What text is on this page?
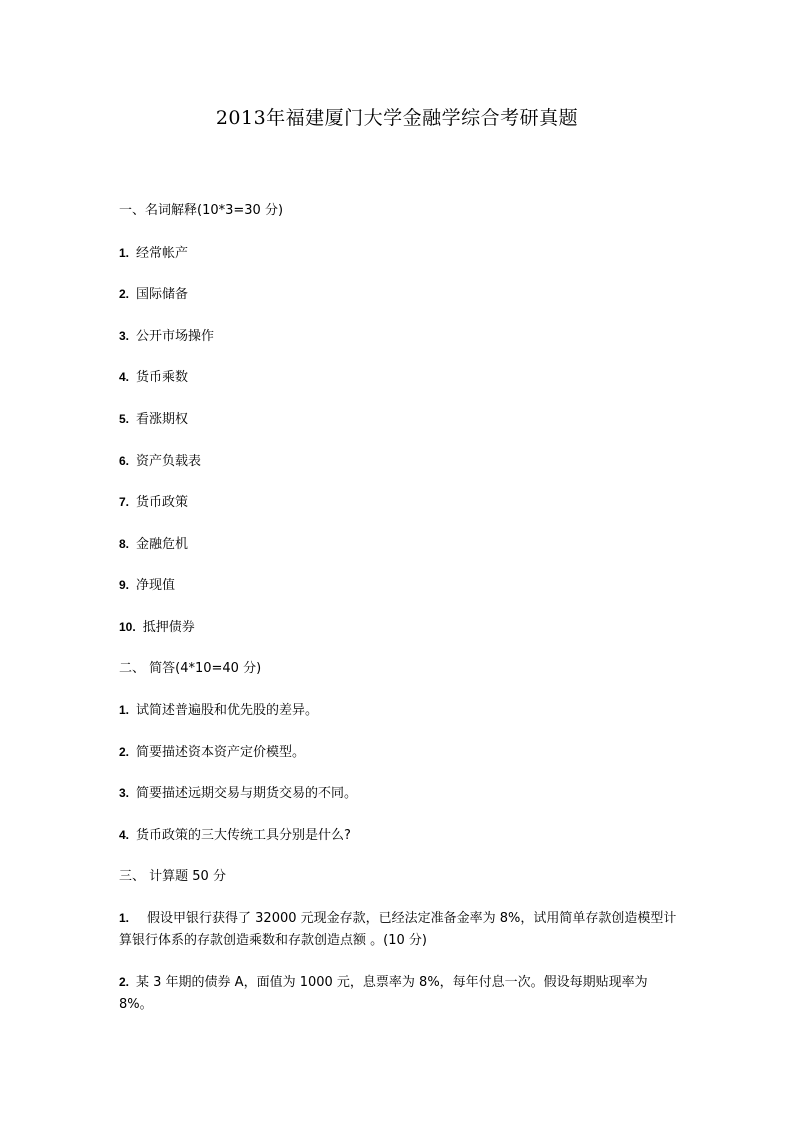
2013年福建厦门大学金融学综合考研真题
一、名词解释(10*3=30 分)
1. 经常帐产
2. 国际储备
3. 公开市场操作
4. 货币乘数
5. 看涨期权
6. 资产负载表
7. 货币政策
8. 金融危机
9. 净现值
10. 抵押债券
二、 简答(4*10=40 分)
1. 试简述普遍股和优先股的差异。
2. 简要描述资本资产定价模型。
3. 简要描述远期交易与期货交易的不同。
4. 货币政策的三大传统工具分别是什么?
三、 计算题 50 分
1. 假设甲银行获得了 32000 元现金存款，已经法定准备金率为 8%，试用简单存款创造模型计算银行体系的存款创造乘数和存款创造点额 。(10 分)
2. 某 3 年期的债券 A，面值为 1000 元，息票率为 8%，每年付息一次。假设每期贴现率为 8%。
